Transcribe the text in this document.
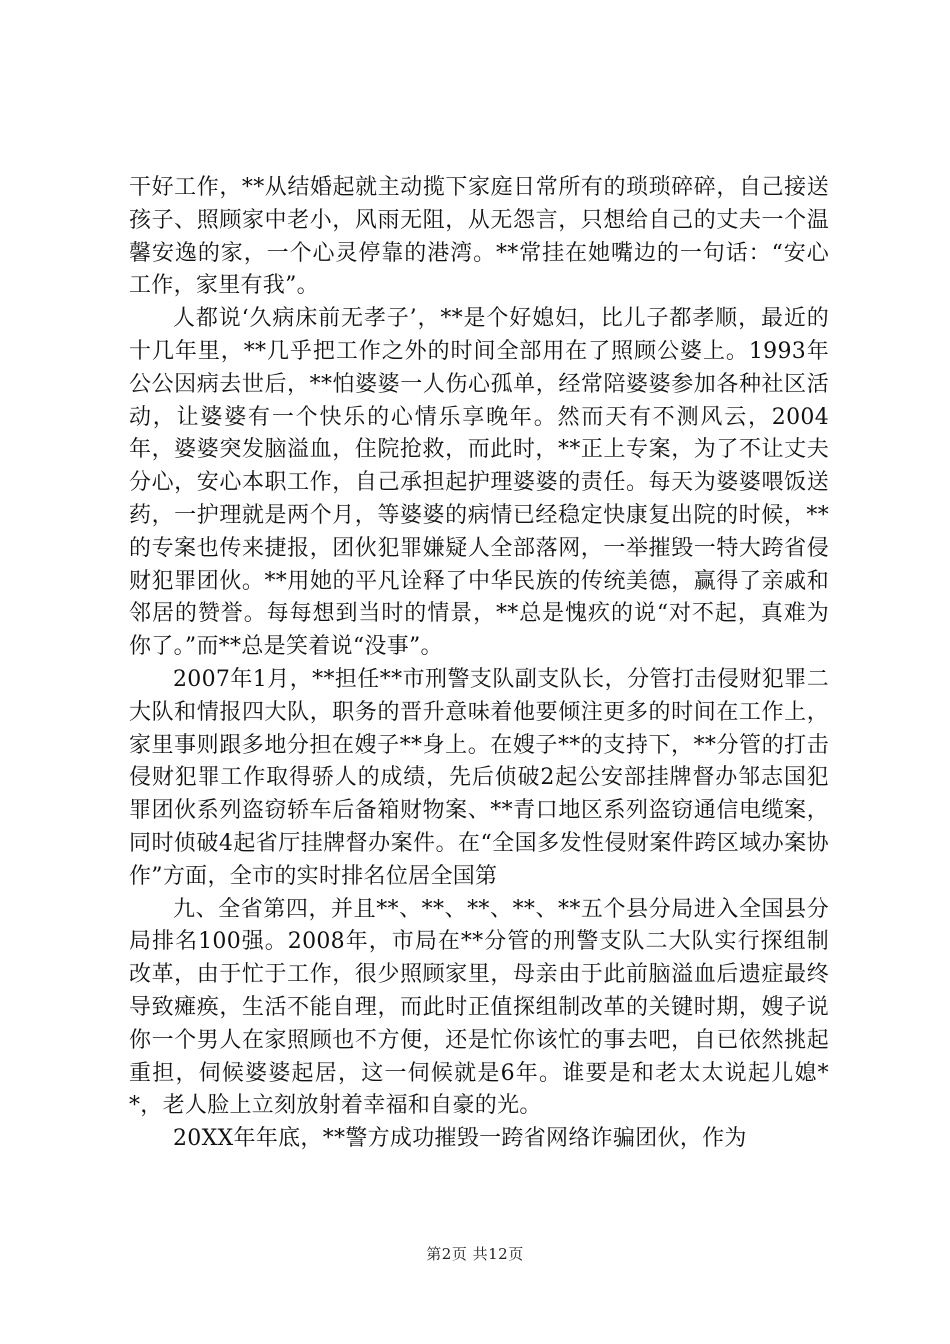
干好工作，**从结婚起就主动揽下家庭日常所有的琐琐碎碎，自己接送孩子、照顾家中老小，风雨无阻，从无怨言，只想给自己的丈夫一个温馨安逸的家，一个心灵停靠的港湾。**常挂在她嘴边的一句话：“安心工作，家里有我”。

人都说‘久病床前无孝子’，**是个好媳妇，比儿子都孝顺，最近的十几年里，**几乎把工作之外的时间全部用在了照顾公婆上。1993年公公因病去世后，**怕婆婆一人伤心孤单，经常陪婆婆参加各种社区活动，让婆婆有一个快乐的心情乐享晚年。然而天有不测风云，2004年，婆婆突发脑溢血，住院抢救，而此时，**正上专案，为了不让丈夫分心，安心本职工作，自己承担起护理婆婆的责任。每天为婆婆喂饭送药，一护理就是两个月，等婆婆的病情已经稳定快康复出院的时候，**的专案也传来捷报，团伙犯罪嫌疑人全部落网，一举摧毁一特大跨省侵财犯罪团伙。**用她的平凡诠释了中华民族的传统美德，赢得了亲戚和邻居的赞誉。每每想到当时的情景，**总是愧疚的说“对不起，真难为你了。”而**总是笑着说“没事”。

2007年1月，**担任**市刑警支队副支队长，分管打击侵财犯罪二大队和情报四大队，职务的晋升意味着他要倾注更多的时间在工作上，家里事则跟多地分担在嫂子**身上。在嫂子**的支持下，**分管的打击侵财犯罪工作取得骄人的成绩，先后侦破2起公安部挂牌督办邹志国犯罪团伙系列盗窃轿车后备箱财物案、**青口地区系列盗窃通信电缆案，同时侦破4起省厅挂牌督办案件。在“全国多发性侵财案件跨区域办案协作”方面，全市的实时排名位居全国第

九、全省第四，并且**、**、**、**、**五个县分局进入全国县分局排名100强。2008年，市局在**分管的刑警支队二大队实行探组制改革，由于忙于工作，很少照顾家里，母亲由于此前脑溢血后遗症最终导致瘫痪，生活不能自理，而此时正值探组制改革的关键时期，嫂子说你一个男人在家照顾也不方便，还是忙你该忙的事去吧，自已依然挑起重担，伺候婆婆起居，这一伺候就是6年。谁要是和老太太说起儿媳**，老人脸上立刻放射着幸福和自豪的光。

20XX年年底，**警方成功摧毁一跨省网络诈骗团伙，作为

第2页 共12页
